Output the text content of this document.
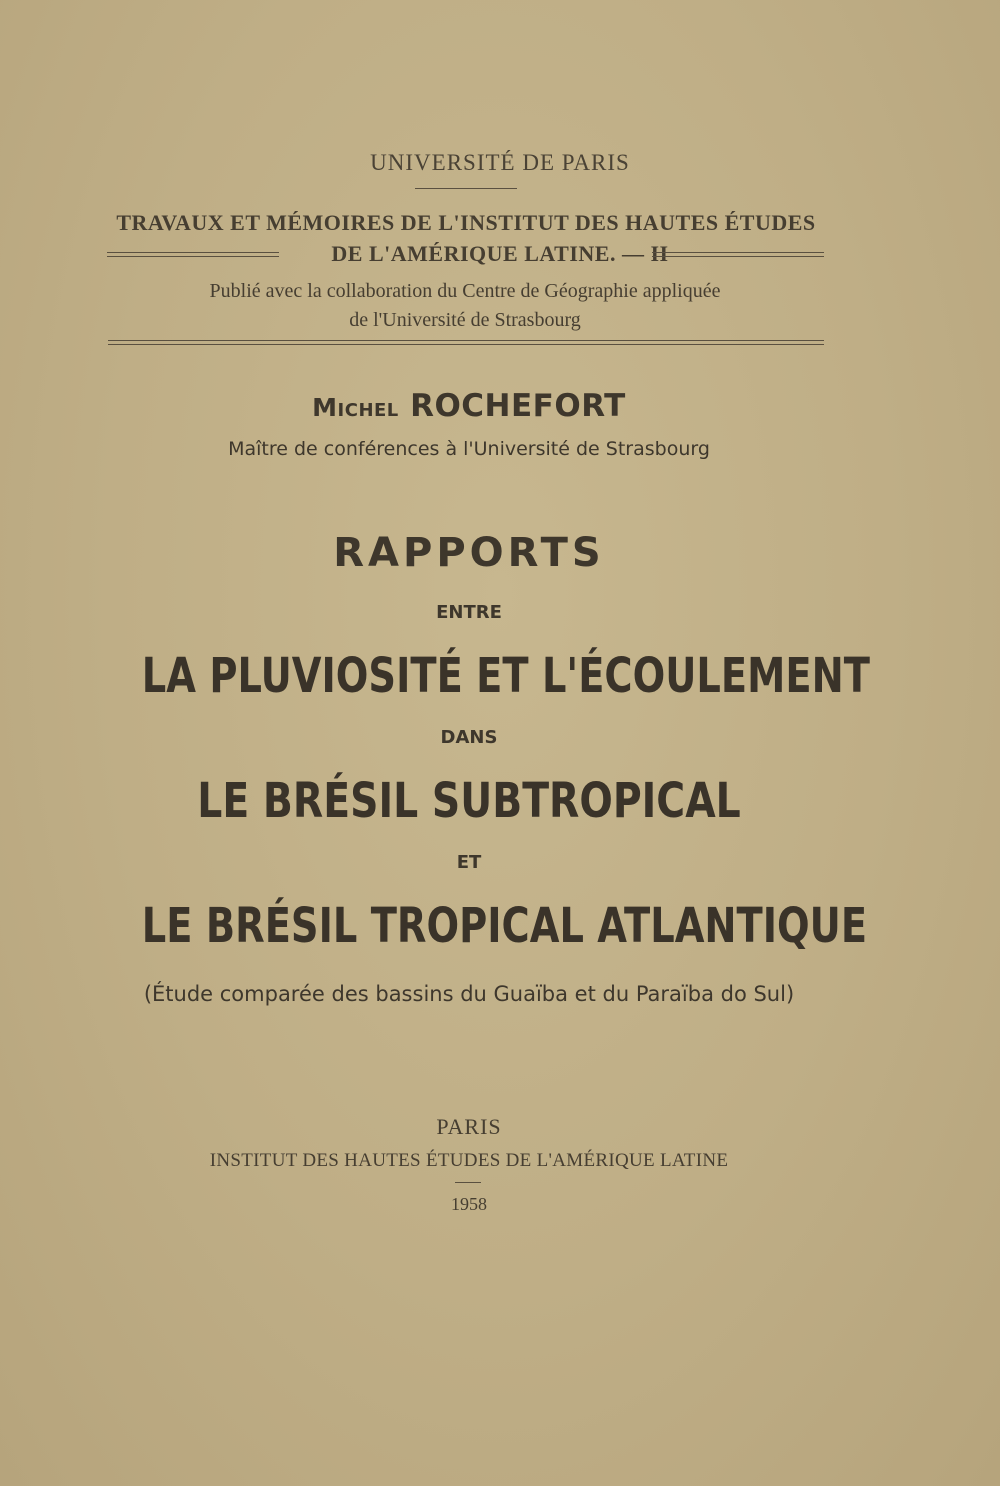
UNIVERSITÉ DE PARIS
TRAVAUX ET MÉMOIRES DE L'INSTITUT DES HAUTES ÉTUDES
DE L'AMÉRIQUE LATINE. — II
Publié avec la collaboration du Centre de Géographie appliquée
de l'Université de Strasbourg
Michel ROCHEFORT
Maître de conférences à l'Université de Strasbourg
RAPPORTS
ENTRE
LA PLUVIOSITÉ ET L'ÉCOULEMENT
DANS
LE BRÉSIL SUBTROPICAL
ET
LE BRÉSIL TROPICAL ATLANTIQUE
(Étude comparée des bassins du Guaïba et du Paraïba do Sul)
PARIS
INSTITUT DES HAUTES ÉTUDES DE L'AMÉRIQUE LATINE
1958
